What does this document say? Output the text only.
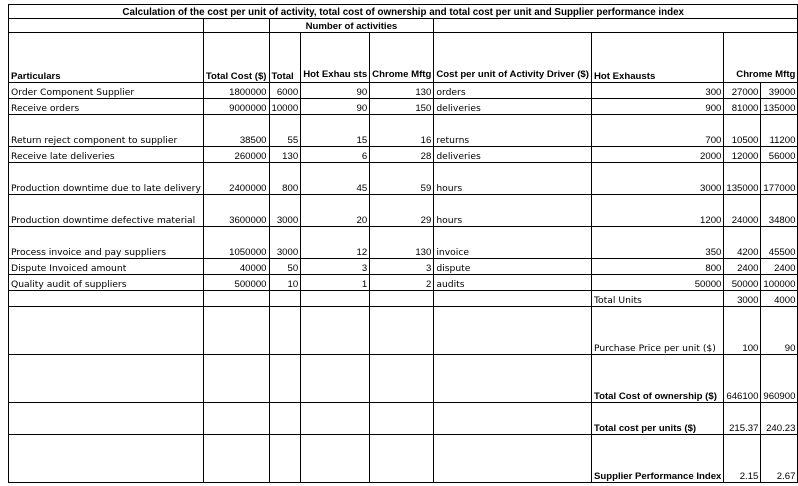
Calculation of the cost per unit of activity, total cost of ownership and total cost per unit and Supplier performance index								
		Number of activities						
Particulars	Total Cost ($)	Total	Hot Exhau sts	Chrome Mftg	Cost per unit of Activity Driver ($)	Hot Exhausts	Chrome Mftg	
Order Component Supplier	1800000	6000	90	130	orders	300	27000	39000
Receive orders	9000000	10000	90	150	deliveries	900	81000	135000
Return reject component to supplier	38500	55	15	16	returns	700	10500	11200
Receive late deliveries	260000	130	6	28	deliveries	2000	12000	56000
Production downtime due to late delivery	2400000	800	45	59	hours	3000	135000	177000
Production downtime defective material	3600000	3000	20	29	hours	1200	24000	34800
Process invoice and pay suppliers	1050000	3000	12	130	invoice	350	4200	45500
Dispute Invoiced amount	40000	50	3	3	dispute	800	2400	2400
Quality audit of suppliers	500000	10	1	2	audits	50000	50000	100000
						Total Units	3000	4000
						Purchase Price per unit ($)	100	90
						Total Cost of ownership ($)	646100	960900
						Total cost per units ($)	215.37	240.23
						Supplier Performance Index	2.15	2.67
